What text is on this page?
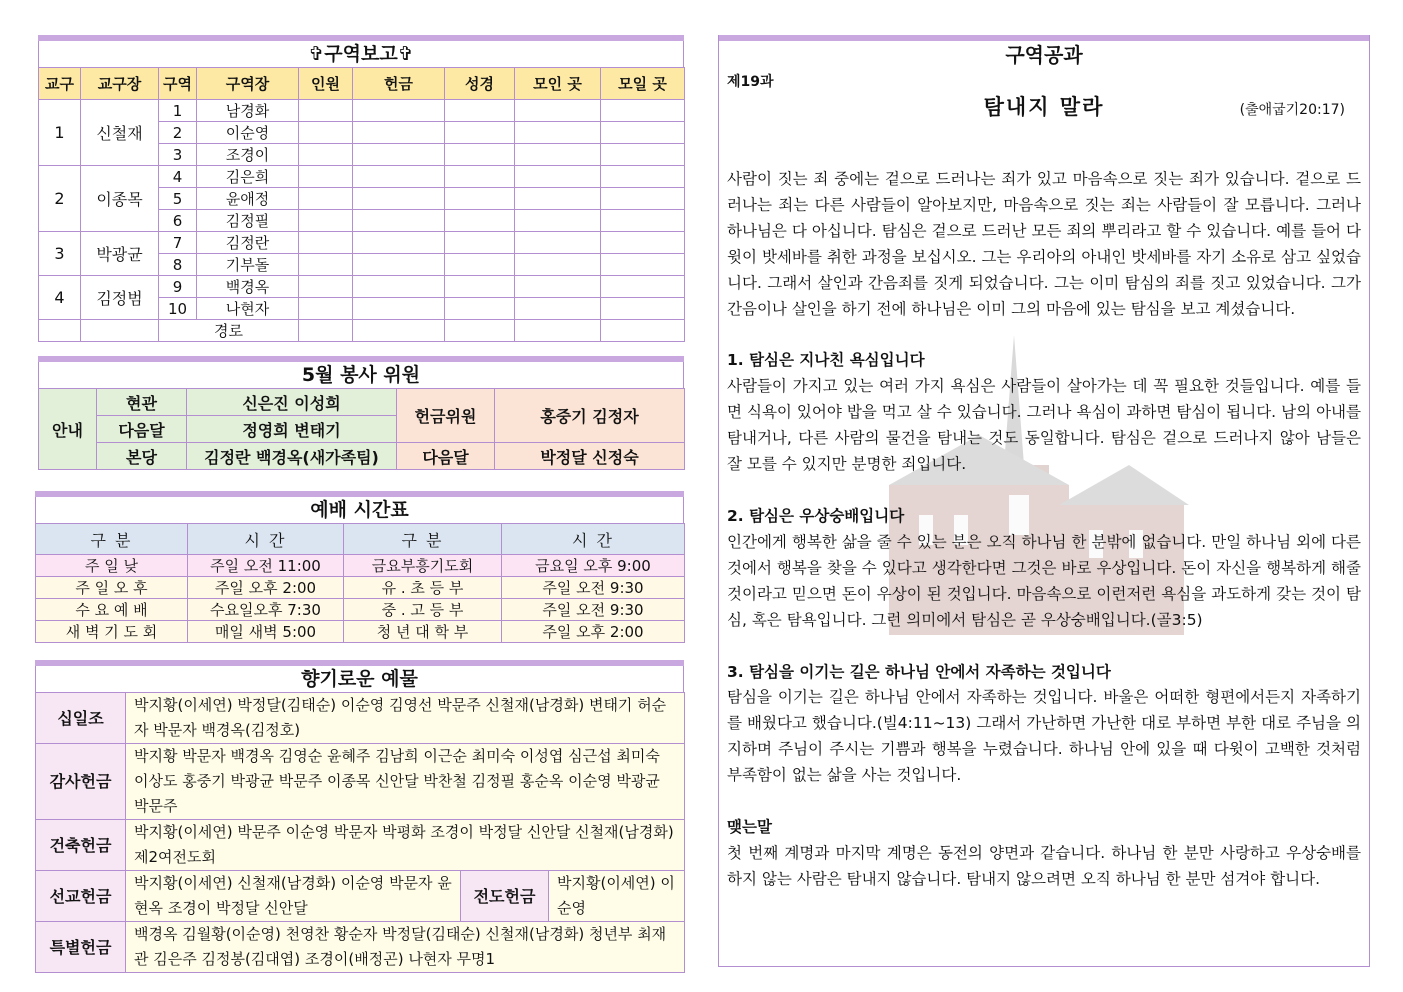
✞구역보고✞
교구	교구장	구역	구역장	인원	헌금	성경	모인 곳	모일 곳
1	신철재	1	남경화					
		2	이순영					
		3	조경이					
2	이종목	4	김은희					
		5	윤애정					
		6	김정필					
3	박광균	7	김정란					
		8	기부돌					
4	김정범	9	백경옥					
		10	나현자					
		경로						
5월 봉사 위원
안내	현관	신은진 이성희	헌금위원	홍중기 김정자
	다음달	정영희 변태기		
	본당	김정란 백경옥(새가족팀)	다음달	박정달 신정숙
예배 시간표
구 분	시 간	구 분	시 간
주 일 낮	주일 오전 11:00	금요부흥기도회	금요일 오후 9:00
주 일 오 후	주일 오후 2:00	유 . 초 등 부	주일 오전 9:30
수 요 예 배	수요일오후 7:30	중 . 고 등 부	주일 오전 9:30
새 벽 기 도 회	매일 새벽 5:00	청 년 대 학 부	주일 오후 2:00
향기로운 예물
십일조	박지황(이세연) 박정달(김태순) 이순영 김영선 박문주 신철재(남경화) 변태기 허순자 박문자 백경옥(김정호)		
감사헌금	박지황 박문자 백경옥 김영순 윤혜주 김남희 이근순 최미숙 이성엽 심근섭 최미숙 이상도 홍중기 박광균 박문주 이종목 신안달 박찬철 김정필 홍순옥 이순영 박광균 박문주		
건축헌금	박지황(이세연) 박문주 이순영 박문자 박평화 조경이 박정달 신안달 신철재(남경화) 제2여전도회		
선교헌금	박지황(이세연) 신철재(남경화) 이순영 박문자 윤현옥 조경이 박정달 신안달	전도헌금	박지황(이세연) 이순영
특별헌금	백경옥 김월황(이순영) 천영찬 황순자 박정달(김태순) 신철재(남경화) 청년부 최재관 김은주 김정봉(김대엽) 조경이(배정곤) 나현자 무명1		
구역공과
제19과
탐내지 말라	(출애굽기20:17)

사람이 짓는 죄 중에는 겉으로 드러나는 죄가 있고 마음속으로 짓는 죄가 있습니다. 겉으로 드러나는 죄는 다른 사람들이 알아보지만, 마음속으로 짓는 죄는 사람들이 잘 모릅니다. 그러나 하나님은 다 아십니다. 탐심은 겉으로 드러난 모든 죄의 뿌리라고 할 수 있습니다. 예를 들어 다윗이 밧세바를 취한 과정을 보십시오. 그는 우리아의 아내인 밧세바를 자기 소유로 삼고 싶었습니다. 그래서 살인과 간음죄를 짓게 되었습니다. 그는 이미 탐심의 죄를 짓고 있었습니다. 그가 간음이나 살인을 하기 전에 하나님은 이미 그의 마음에 있는 탐심을 보고 계셨습니다.

1. 탐심은 지나친 욕심입니다

사람들이 가지고 있는 여러 가지 욕심은 사람들이 살아가는 데 꼭 필요한 것들입니다. 예를 들면 식욕이 있어야 밥을 먹고 살 수 있습니다. 그러나 욕심이 과하면 탐심이 됩니다. 남의 아내를 탐내거나, 다른 사람의 물건을 탐내는 것도 동일합니다. 탐심은 겉으로 드러나지 않아 남들은 잘 모를 수 있지만 분명한 죄입니다.

2. 탐심은 우상숭배입니다

인간에게 행복한 삶을 줄 수 있는 분은 오직 하나님 한 분밖에 없습니다. 만일 하나님 외에 다른 것에서 행복을 찾을 수 있다고 생각한다면 그것은 바로 우상입니다. 돈이 자신을 행복하게 해줄 것이라고 믿으면 돈이 우상이 된 것입니다. 마음속으로 이런저런 욕심을 과도하게 갖는 것이 탐심, 혹은 탐욕입니다. 그런 의미에서 탐심은 곧 우상숭배입니다.(골3:5)

3. 탐심을 이기는 길은 하나님 안에서 자족하는 것입니다

탐심을 이기는 길은 하나님 안에서 자족하는 것입니다. 바울은 어떠한 형편에서든지 자족하기를 배웠다고 했습니다.(빌4:11~13) 그래서 가난하면 가난한 대로 부하면 부한 대로 주님을 의지하며 주님이 주시는 기쁨과 행복을 누렸습니다. 하나님 안에 있을 때 다윗이 고백한 것처럼 부족함이 없는 삶을 사는 것입니다.

맺는말

첫 번째 계명과 마지막 계명은 동전의 양면과 같습니다. 하나님 한 분만 사랑하고 우상숭배를 하지 않는 사람은 탐내지 않습니다. 탐내지 않으려면 오직 하나님 한 분만 섬겨야 합니다.
